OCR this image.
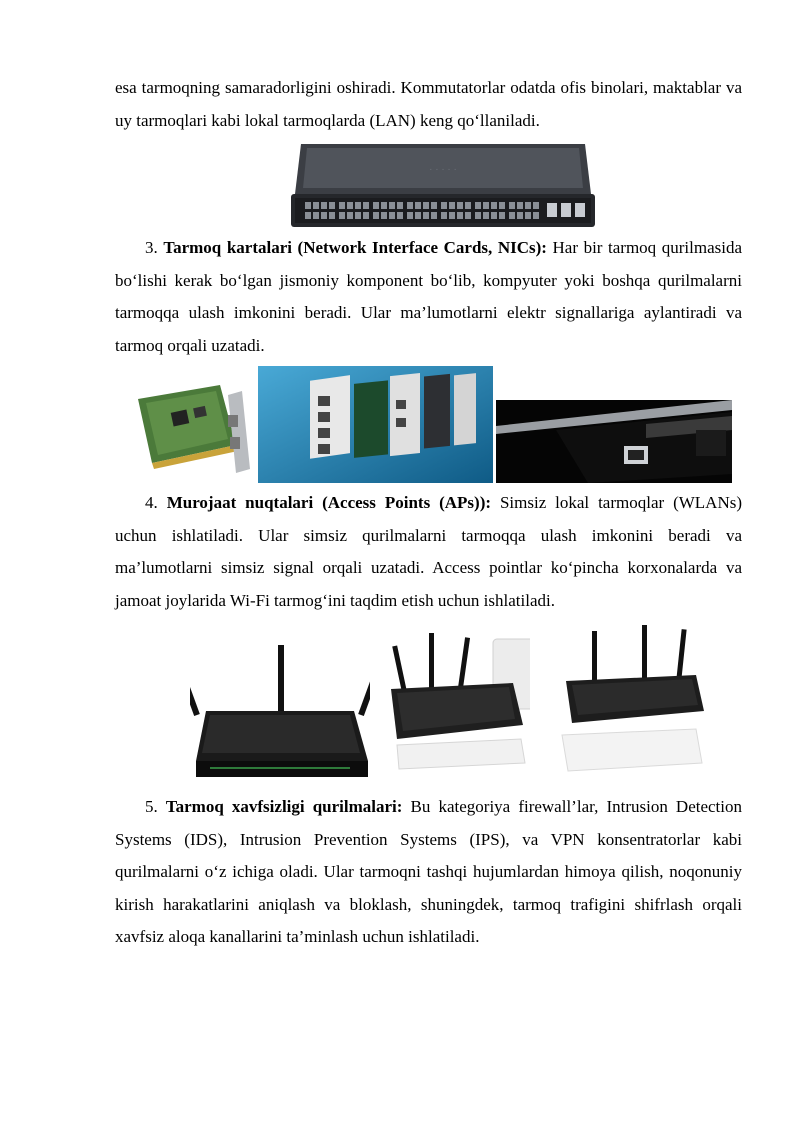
esa tarmoqning samaradorligini oshiradi. Kommutatorlar odatda ofis binolari, maktablar va uy tarmoqlari kabi lokal tarmoqlarda (LAN) keng qo‘llaniladi.

· · · · ·

3. Tarmoq kartalari (Network Interface Cards, NICs): Har bir tarmoq qurilmasida bo‘lishi kerak bo‘lgan jismoniy komponent bo‘lib, kompyuter yoki boshqa qurilmalarni tarmoqqa ulash imkonini beradi. Ular ma’lumotlarni elektr signallariga aylantiradi va tarmoq orqali uzatadi.

4. Murojaat nuqtalari (Access Points (APs)): Simsiz lokal tarmoqlar (WLANs) uchun ishlatiladi. Ular simsiz qurilmalarni tarmoqqa ulash imkonini beradi va ma’lumotlarni simsiz signal orqali uzatadi. Access pointlar ko‘pincha korxonalarda va jamoat joylarida Wi-Fi tarmog‘ini taqdim etish uchun ishlatiladi.

5. Tarmoq xavfsizligi qurilmalari: Bu kategoriya firewall’lar, Intrusion Detection Systems (IDS), Intrusion Prevention Systems (IPS), va VPN konsentratorlar kabi qurilmalarni o‘z ichiga oladi. Ular tarmoqni tashqi hujumlardan himoya qilish, noqonuniy kirish harakatlarini aniqlash va bloklash, shuningdek, tarmoq trafigini shifrlash orqali xavfsiz aloqa kanallarini ta’minlash uchun ishlatiladi.
